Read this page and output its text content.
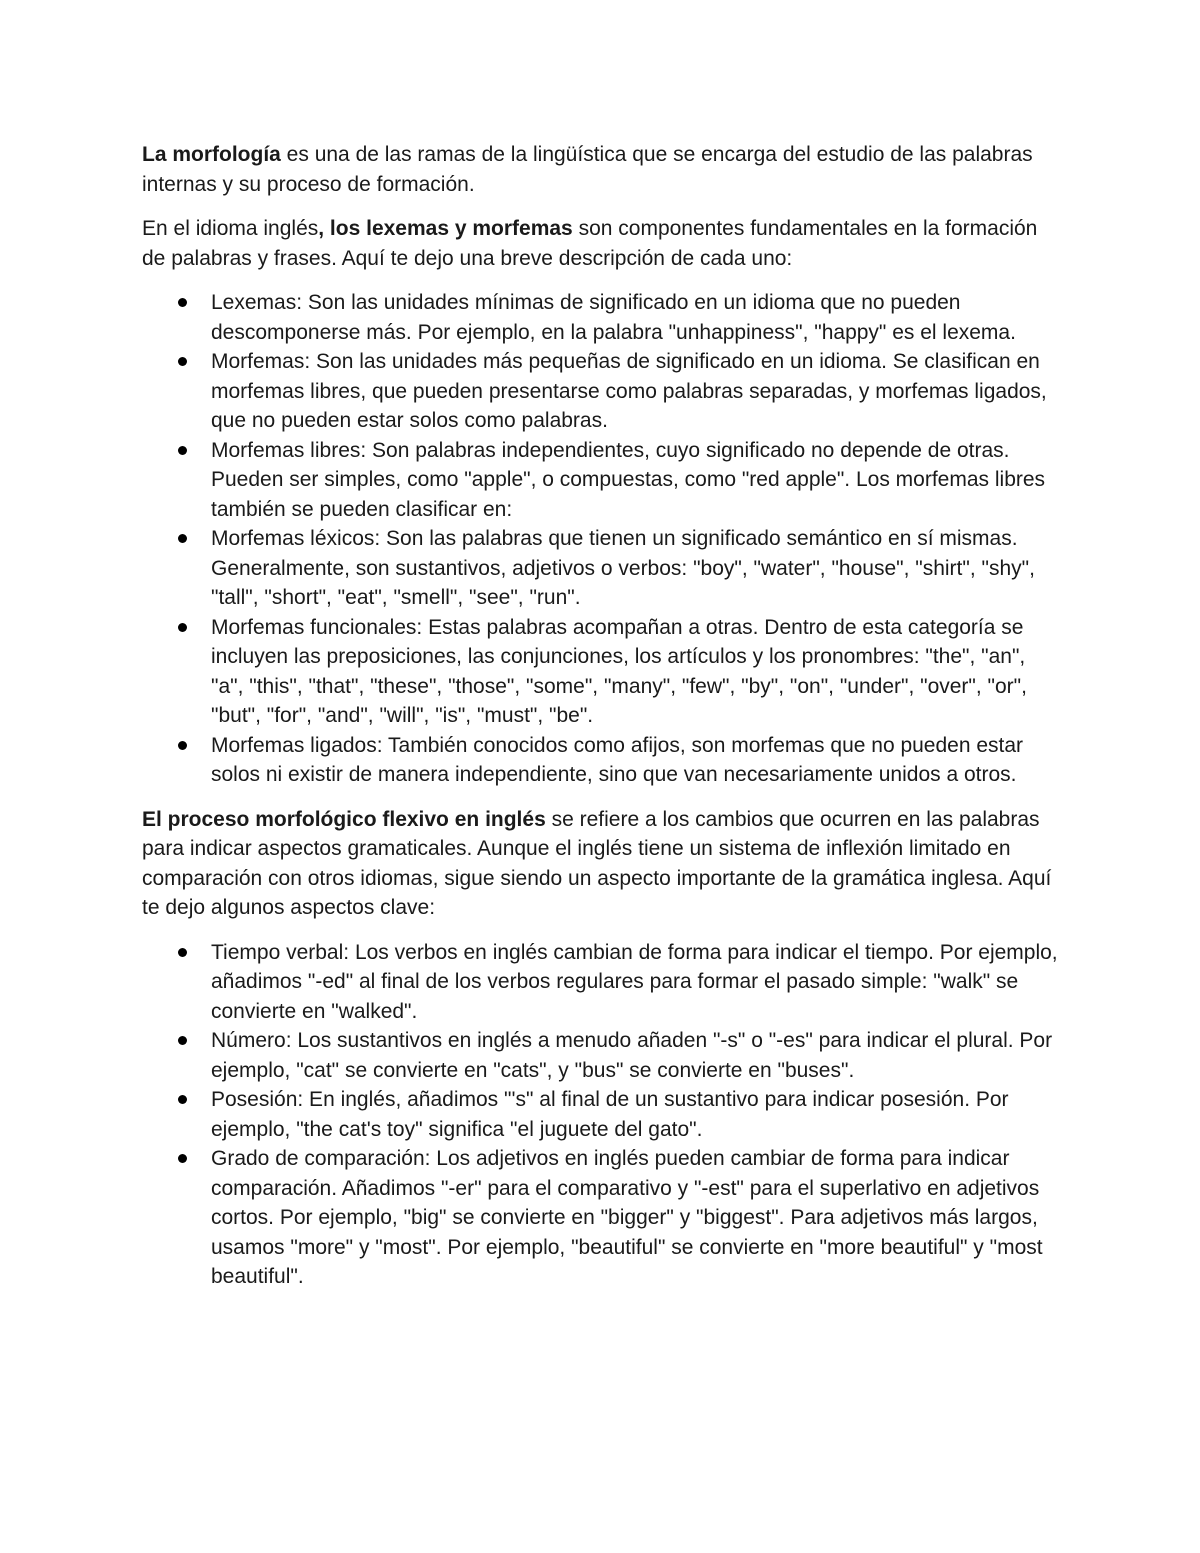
La morfología es una de las ramas de la lingüística que se encarga del estudio de las palabras internas y su proceso de formación.

En el idioma inglés, los lexemas y morfemas son componentes fundamentales en la formación de palabras y frases. Aquí te dejo una breve descripción de cada uno:

Lexemas: Son las unidades mínimas de significado en un idioma que no pueden descomponerse más. Por ejemplo, en la palabra "unhappiness", "happy" es el lexema.
Morfemas: Son las unidades más pequeñas de significado en un idioma. Se clasifican en morfemas libres, que pueden presentarse como palabras separadas, y morfemas ligados, que no pueden estar solos como palabras.
Morfemas libres: Son palabras independientes, cuyo significado no depende de otras. Pueden ser simples, como "apple", o compuestas, como "red apple". Los morfemas libres también se pueden clasificar en:
Morfemas léxicos: Son las palabras que tienen un significado semántico en sí mismas. Generalmente, son sustantivos, adjetivos o verbos: "boy", "water", "house", "shirt", "shy", "tall", "short", "eat", "smell", "see", "run".
Morfemas funcionales: Estas palabras acompañan a otras. Dentro de esta categoría se incluyen las preposiciones, las conjunciones, los artículos y los pronombres: "the", "an", "a", "this", "that", "these", "those", "some", "many", "few", "by", "on", "under", "over", "or", "but", "for", "and", "will", "is", "must", "be".
Morfemas ligados: También conocidos como afijos, son morfemas que no pueden estar solos ni existir de manera independiente, sino que van necesariamente unidos a otros.

El proceso morfológico flexivo en inglés se refiere a los cambios que ocurren en las palabras para indicar aspectos gramaticales. Aunque el inglés tiene un sistema de inflexión limitado en comparación con otros idiomas, sigue siendo un aspecto importante de la gramática inglesa. Aquí te dejo algunos aspectos clave:

Tiempo verbal: Los verbos en inglés cambian de forma para indicar el tiempo. Por ejemplo, añadimos "-ed" al final de los verbos regulares para formar el pasado simple: "walk" se convierte en "walked".
Número: Los sustantivos en inglés a menudo añaden "-s" o "-es" para indicar el plural. Por ejemplo, "cat" se convierte en "cats", y "bus" se convierte en "buses".
Posesión: En inglés, añadimos "'s" al final de un sustantivo para indicar posesión. Por ejemplo, "the cat's toy" significa "el juguete del gato".
Grado de comparación: Los adjetivos en inglés pueden cambiar de forma para indicar comparación. Añadimos "-er" para el comparativo y "-est" para el superlativo en adjetivos cortos. Por ejemplo, "big" se convierte en "bigger" y "biggest". Para adjetivos más largos, usamos "more" y "most". Por ejemplo, "beautiful" se convierte en "more beautiful" y "most beautiful".
